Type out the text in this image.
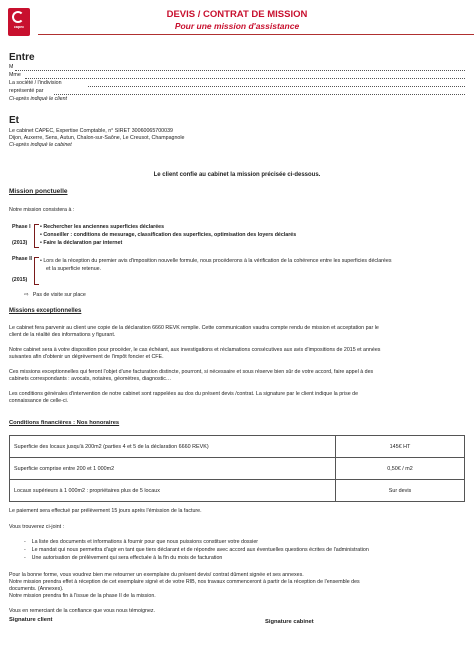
capec
DEVIS / CONTRAT DE MISSION
Pour une mission d'assistance
Entre
M
Mme
La société / l'indivision
représenté par
Ci-après indiqué le client
Et
Le cabinet CAPEC, Expertise Comptable, n° SIRET 30060065700039
Dijon, Auxerre, Sens, Autun, Chalon-sur-Saône, Le Creusot, Champagnole
Ci-après indiqué le cabinet
Le client confie au cabinet la mission précisée ci-dessous.
Mission ponctuelle
Notre mission consistera à :
Phase I
(2013)
• Rechercher les anciennes superficies déclarées
• Conseiller : conditions de mesurage, classification des superficies, optimisation des loyers déclarés
• Faire la déclaration par internet
Phase II
(2015)
• Lors de la réception du premier avis d'imposition nouvelle formule, nous procéderons à la vérification de la cohérence entre les superficies déclarées
et la superficie retenue.
⇨ Pas de visite sur place
Missions exceptionnelles
Le cabinet fera parvenir au client une copie de la déclaration 6660 REVK remplie. Cette communication vaudra compte rendu de mission et acceptation par le
client de la réalité des informations y figurant.
Notre cabinet sera à votre disposition pour procéder, le cas échéant, aux investigations et réclamations consécutives aux avis d'impositions de 2015 et années
suivantes afin d'obtenir un dégrèvement de l'impôt foncier et CFE.
Ces missions exceptionnelles qui feront l'objet d'une facturation distincte, pourront, si nécessaire et sous réserve bien sûr de votre accord, faire appel à des
cabinets correspondants : avocats, notaires, géomètres, diagnostic…
Les conditions générales d'intervention de notre cabinet sont rappelées au dos du présent devis /contrat. La signature par le client indique la prise de
connaissance de celle-ci.
Conditions financières : Nos honoraires
Superficie des locaux jusqu'à 200m2 (parties 4 et 5 de la déclaration 6660 REVK)	145€ HT
Superficie comprise entre 200 et 1 000m2	0,50€ / m2
Locaux supérieurs à 1 000m2 : propriétaires plus de 5 locaux	Sur devis
Le paiement sera effectué par prélèvement 15 jours après l'émission de la facture.
Vous trouverez ci-joint :
-    La liste des documents et informations à fournir pour que nous puissions constituer votre dossier
-    Le mandat qui nous permettra d'agir en tant que tiers déclarant et de répondre avec accord aux éventuelles questions écrites de l'administration
-    Une autorisation de prélèvement qui sera effectuée à la fin du mois de facturation
Pour la bonne forme, vous voudrez bien me retourner un exemplaire du présent devis/ contrat dûment signée et ses annexes.
Notre mission prendra effet à réception de cet exemplaire signé et de votre RIB, nos travaux commenceront à partir de la réception de l'ensemble des
documents. (Annexes).
Notre mission prendra fin à l'issue de la phase II de la mission.
Vous en remerciant de la confiance que vous nous témoignez.
Signature client	Signature cabinet
